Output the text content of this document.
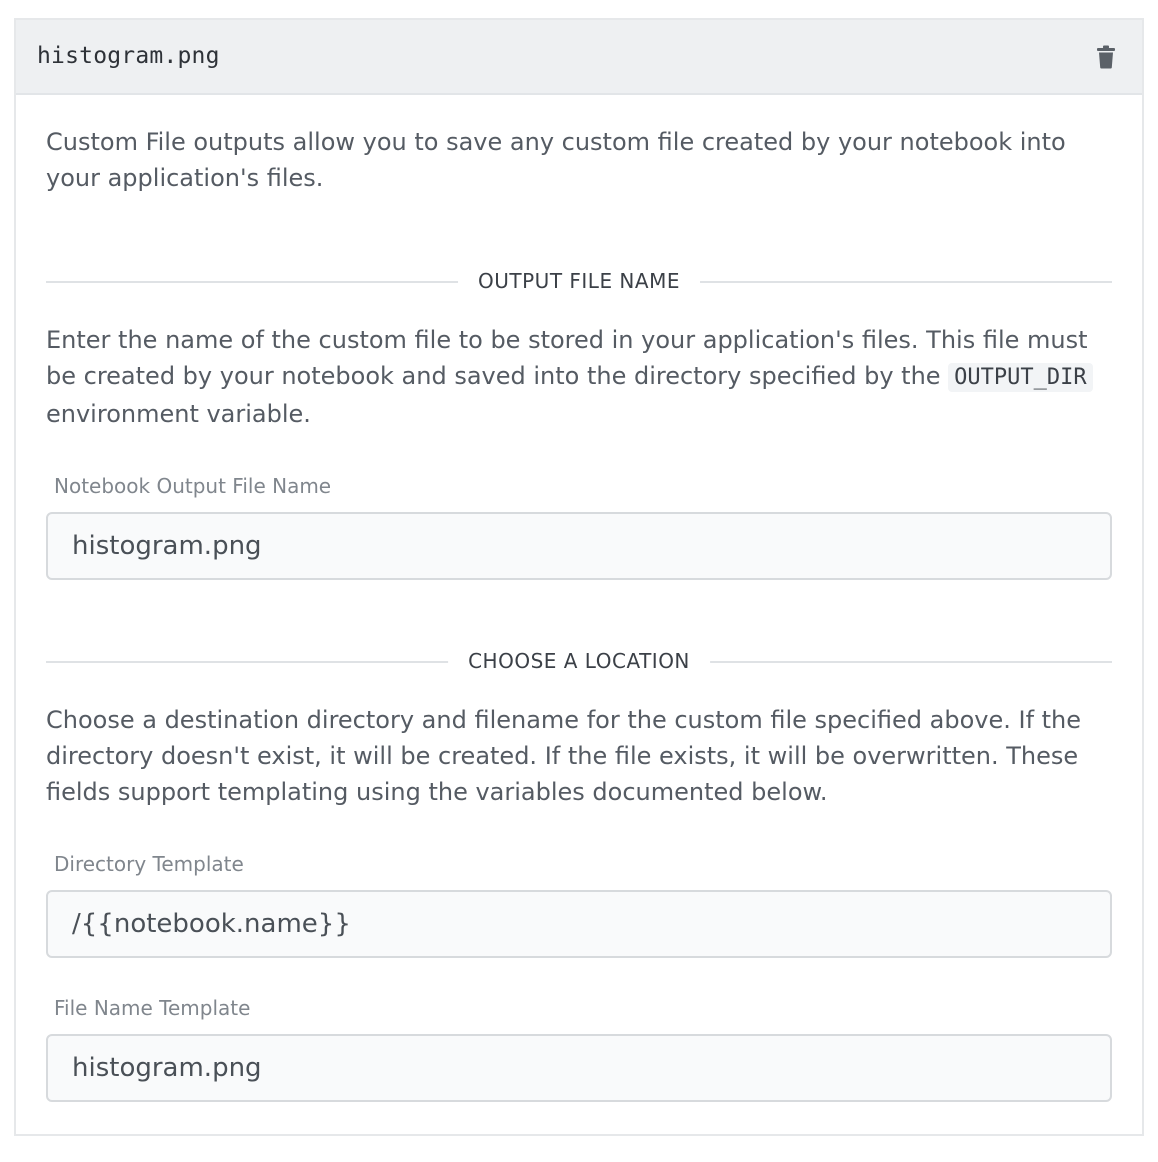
histogram.png

Custom File outputs allow you to save any custom file created by your notebook into your application's files.

OUTPUT FILE NAME

Enter the name of the custom file to be stored in your application's files. This file must be created by your notebook and saved into the directory specified by the OUTPUT_DIR environment variable.

Notebook Output File Name
histogram.png
CHOOSE A LOCATION

Choose a destination directory and filename for the custom file specified above. If the directory doesn't exist, it will be created. If the file exists, it will be overwritten. These fields support templating using the variables documented below.

Directory Template
/{{notebook.name}}
File Name Template
histogram.png
